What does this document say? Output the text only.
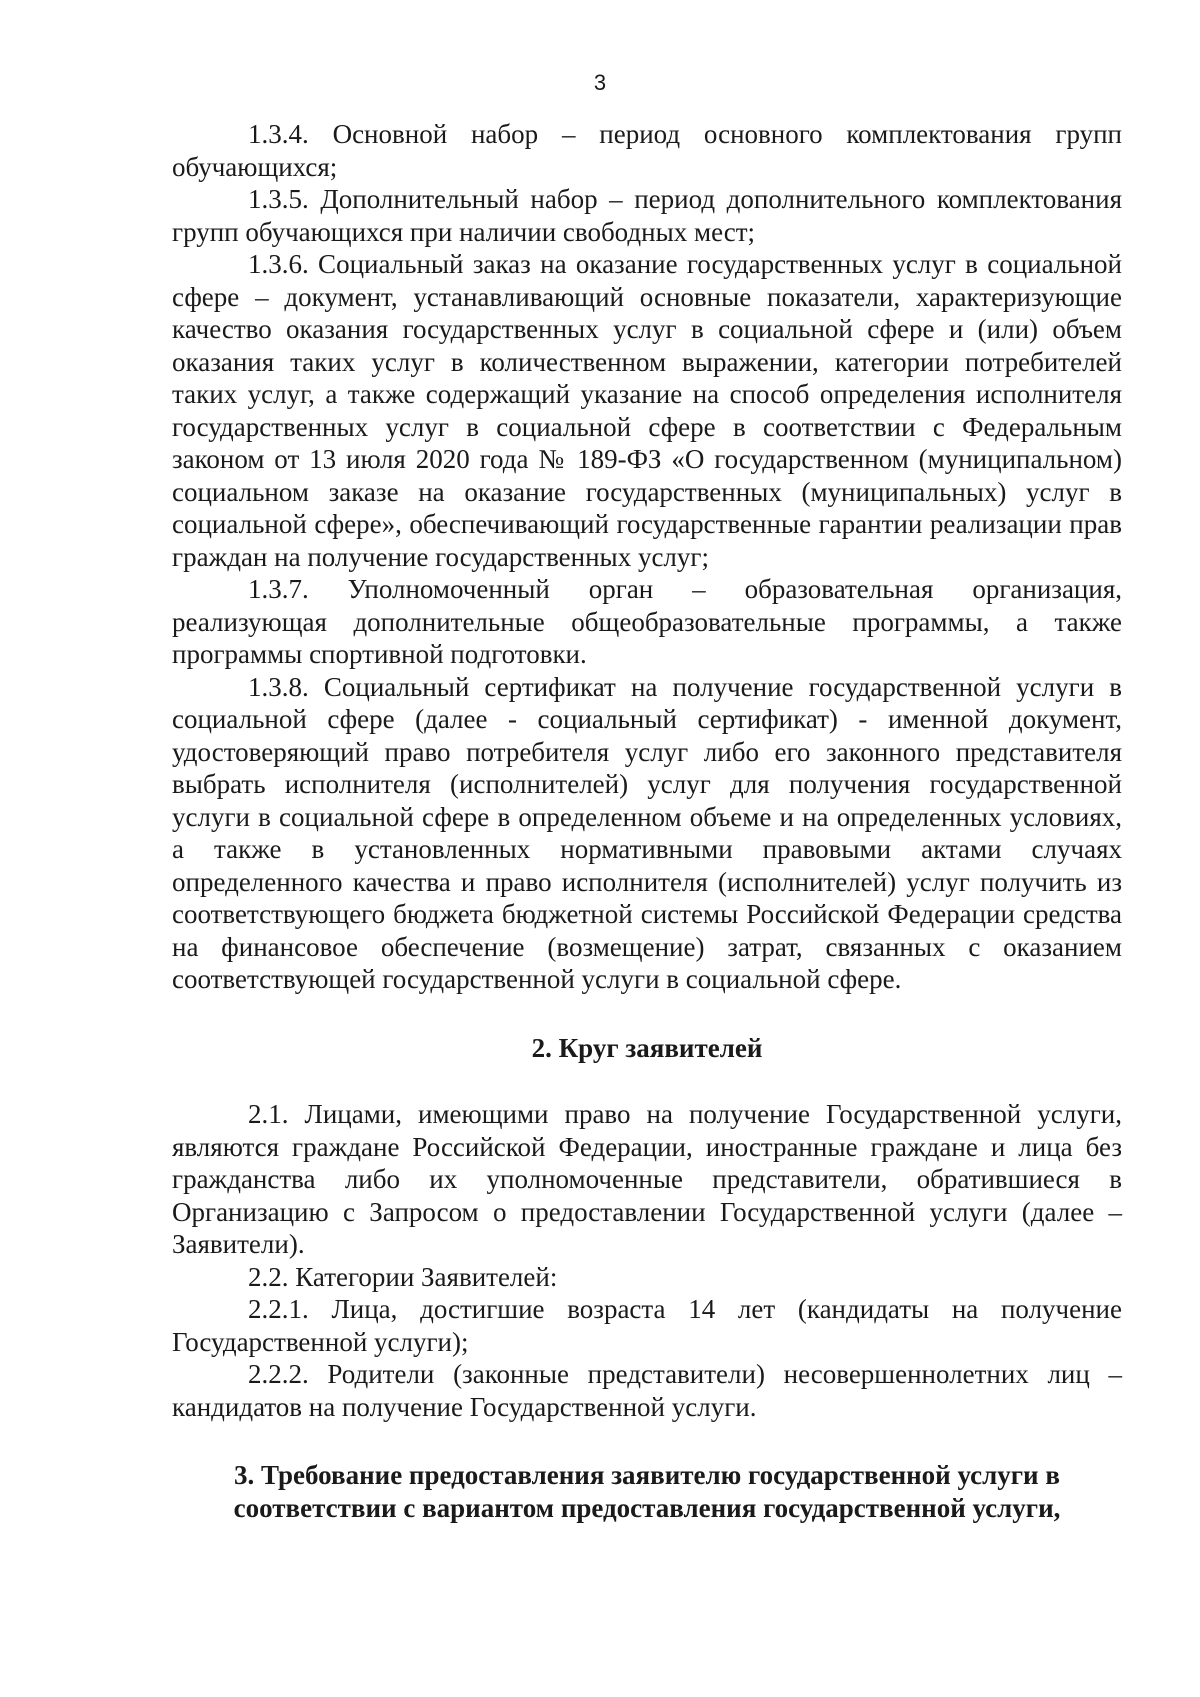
3

1.3.4. Основной набор – период основного комплектования групп обучающихся;

1.3.5. Дополнительный набор – период дополнительного комплектования групп обучающихся при наличии свободных мест;

1.3.6. Социальный заказ на оказание государственных услуг в социальной сфере – документ, устанавливающий основные показатели, характеризующие качество оказания государственных услуг в социальной сфере и (или) объем оказания таких услуг в количественном выражении, категории потребителей таких услуг, а также содержащий указание на способ определения исполнителя государственных услуг в социальной сфере в соответствии с Федеральным законом от 13 июля 2020 года № 189-ФЗ «О государственном (муниципальном) социальном заказе на оказание государственных (муниципальных) услуг в социальной сфере», обеспечивающий государственные гарантии реализации прав граждан на получение государственных услуг;

1.3.7. Уполномоченный орган – образовательная организация, реализующая дополнительные общеобразовательные программы, а также программы спортивной подготовки.

1.3.8. Социальный сертификат на получение государственной услуги в социальной сфере (далее - социальный сертификат) - именной документ, удостоверяющий право потребителя услуг либо его законного представителя выбрать исполнителя (исполнителей) услуг для получения государственной услуги в социальной сфере в определенном объеме и на определенных условиях, а также в установленных нормативными правовыми актами случаях определенного качества и право исполнителя (исполнителей) услуг получить из соответствующего бюджета бюджетной системы Российской Федерации средства на финансовое обеспечение (возмещение) затрат, связанных с оказанием соответствующей государственной услуги в социальной сфере.

2. Круг заявителей

2.1. Лицами, имеющими право на получение Государственной услуги, являются граждане Российской Федерации, иностранные граждане и лица без гражданства либо их уполномоченные представители, обратившиеся в Организацию с Запросом о предоставлении Государственной услуги (далее – Заявители).

2.2. Категории Заявителей:

2.2.1. Лица, достигшие возраста 14 лет (кандидаты на получение Государственной услуги);

2.2.2. Родители (законные представители) несовершеннолетних лиц – кандидатов на получение Государственной услуги.

3. Требование предоставления заявителю государственной услуги в
соответствии с вариантом предоставления государственной услуги,
